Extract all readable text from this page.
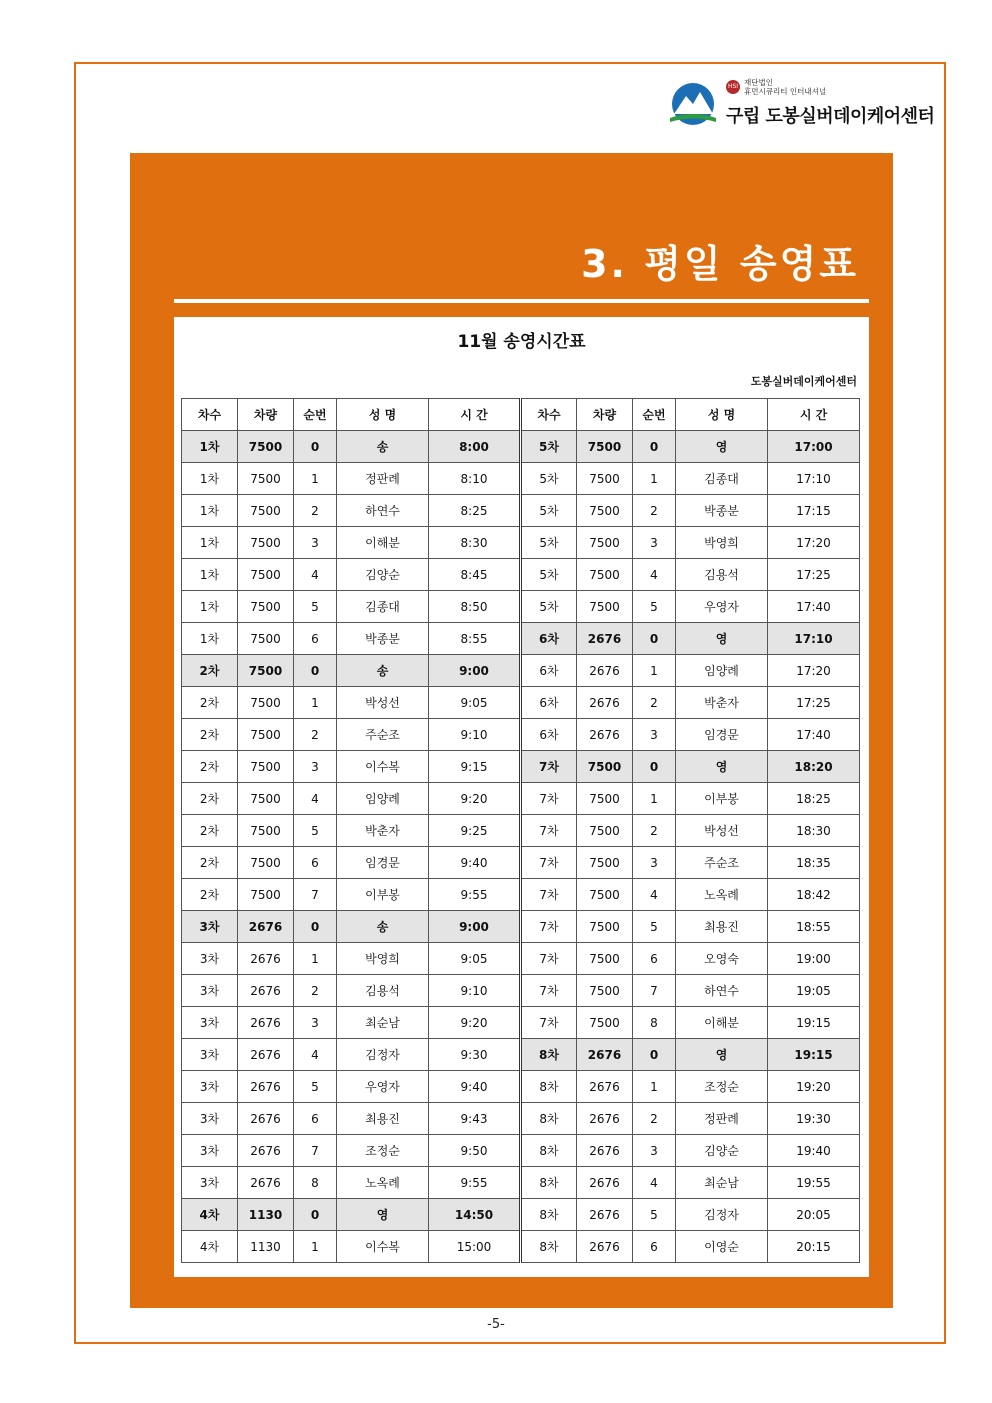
HSI 재단법인
휴먼시큐리티 인터내셔널
구립 도봉실버데이케어센터
3. 평일 송영표
11월 송영시간표
도봉실버데이케어센터
차수	차량	순번	성 명	시 간	차수	차량	순번	성 명	시 간
1차	7500	0	송	8:00	5차	7500	0	영	17:00
1차	7500	1	정판례	8:10	5차	7500	1	김종대	17:10
1차	7500	2	하연수	8:25	5차	7500	2	박종분	17:15
1차	7500	3	이해분	8:30	5차	7500	3	박영희	17:20
1차	7500	4	김양순	8:45	5차	7500	4	김용석	17:25
1차	7500	5	김종대	8:50	5차	7500	5	우영자	17:40
1차	7500	6	박종분	8:55	6차	2676	0	영	17:10
2차	7500	0	송	9:00	6차	2676	1	임양례	17:20
2차	7500	1	박성선	9:05	6차	2676	2	박춘자	17:25
2차	7500	2	주순조	9:10	6차	2676	3	임경문	17:40
2차	7500	3	이수복	9:15	7차	7500	0	영	18:20
2차	7500	4	임양례	9:20	7차	7500	1	이부봉	18:25
2차	7500	5	박춘자	9:25	7차	7500	2	박성선	18:30
2차	7500	6	임경문	9:40	7차	7500	3	주순조	18:35
2차	7500	7	이부봉	9:55	7차	7500	4	노옥례	18:42
3차	2676	0	송	9:00	7차	7500	5	최용진	18:55
3차	2676	1	박영희	9:05	7차	7500	6	오영숙	19:00
3차	2676	2	김용석	9:10	7차	7500	7	하연수	19:05
3차	2676	3	최순남	9:20	7차	7500	8	이해분	19:15
3차	2676	4	김정자	9:30	8차	2676	0	영	19:15
3차	2676	5	우영자	9:40	8차	2676	1	조정순	19:20
3차	2676	6	최용진	9:43	8차	2676	2	정판례	19:30
3차	2676	7	조정순	9:50	8차	2676	3	김양순	19:40
3차	2676	8	노옥례	9:55	8차	2676	4	최순남	19:55
4차	1130	0	영	14:50	8차	2676	5	김정자	20:05
4차	1130	1	이수복	15:00	8차	2676	6	이영순	20:15
-5-
